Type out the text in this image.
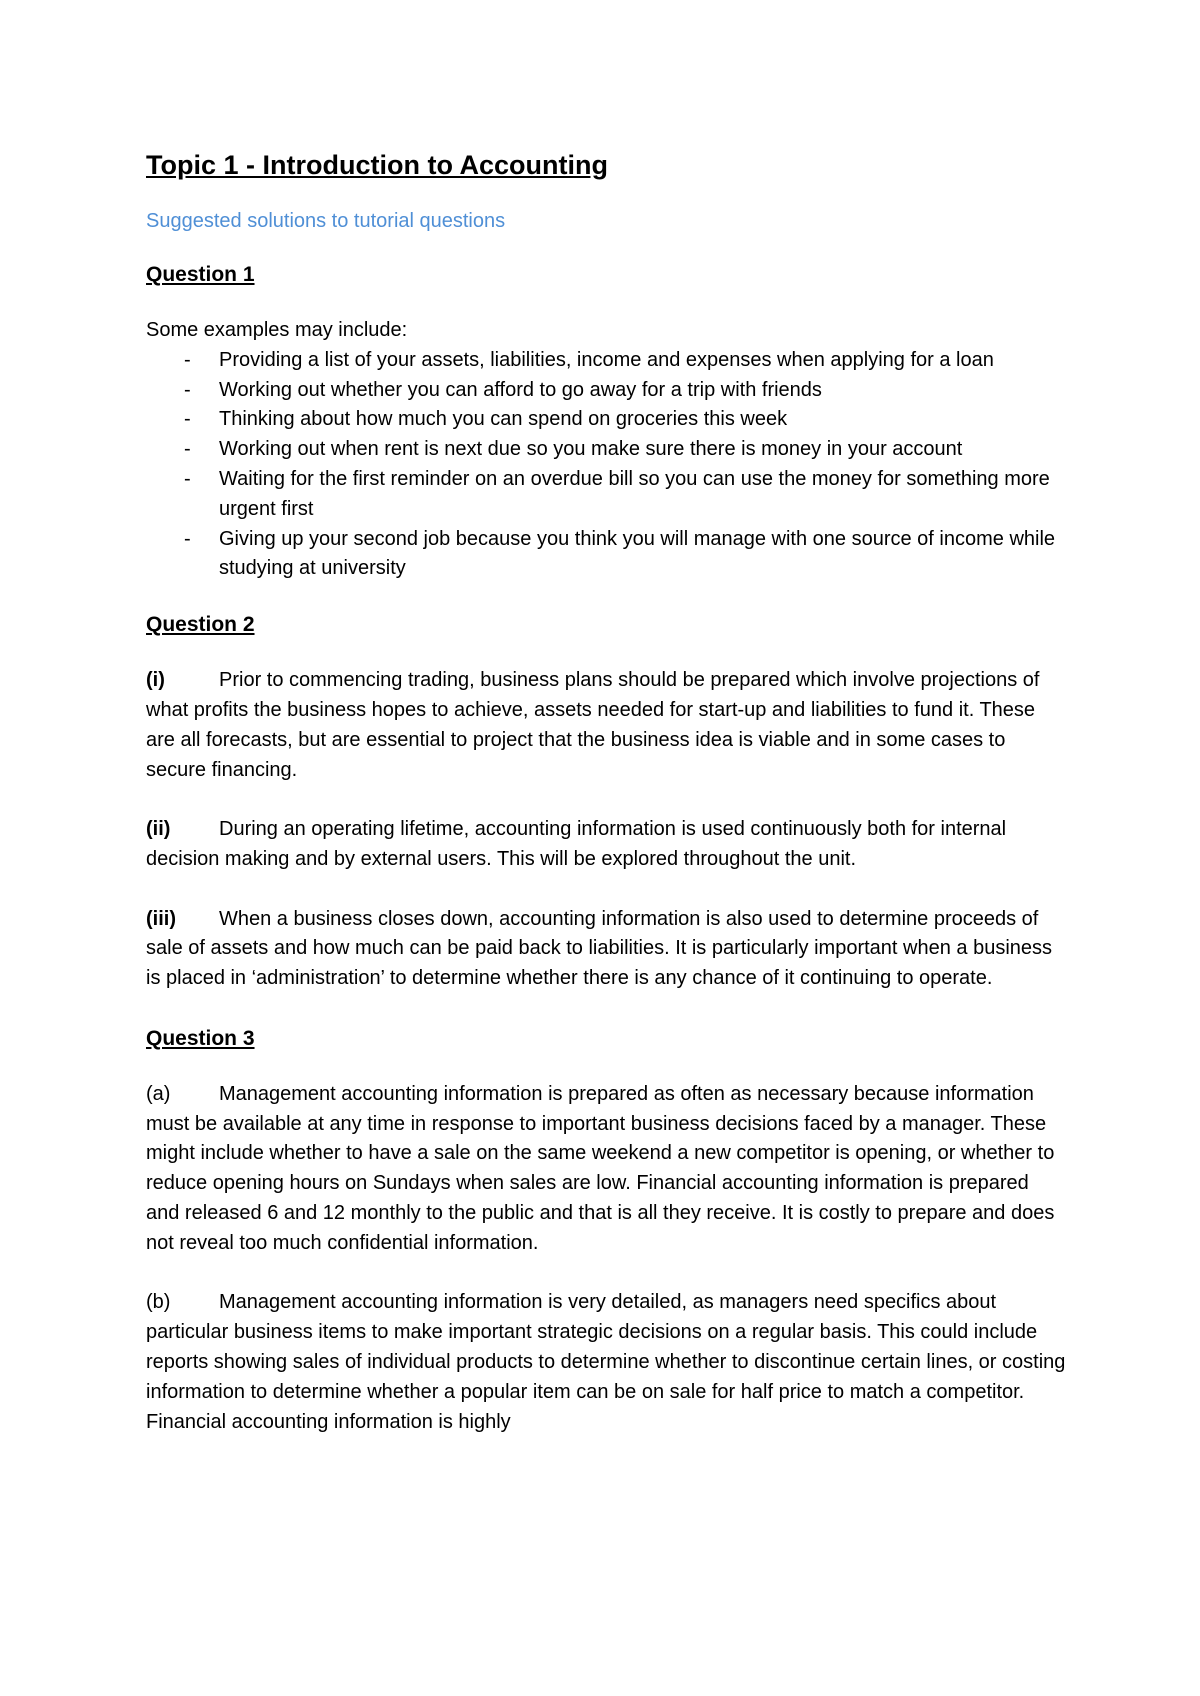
Topic 1 - Introduction to Accounting

Suggested solutions to tutorial questions

Question 1

Some examples may include:

- Providing a list of your assets, liabilities, income and expenses when applying for a loan
- Working out whether you can afford to go away for a trip with friends
- Thinking about how much you can spend on groceries this week
- Working out when rent is next due so you make sure there is money in your account
- Waiting for the first reminder on an overdue bill so you can use the money for something more urgent first
- Giving up your second job because you think you will manage with one source of income while studying at university
Question 2

(i)	Prior to commencing trading, business plans should be prepared which involve projections of what profits the business hopes to achieve, assets needed for start-up and liabilities to fund it. These are all forecasts, but are essential to project that the business idea is viable and in some cases to secure financing.

(ii) During an operating lifetime, accounting information is used continuously both for internal decision making and by external users. This will be explored throughout the unit.

(iii) When a business closes down, accounting information is also used to determine proceeds of sale of assets and how much can be paid back to liabilities. It is particularly important when a business is placed in ‘administration’ to determine whether there is any chance of it continuing to operate.

Question 3

(a) Management accounting information is prepared as often as necessary because information must be available at any time in response to important business decisions faced by a manager. These might include whether to have a sale on the same weekend a new competitor is opening, or whether to reduce opening hours on Sundays when sales are low. Financial accounting information is prepared and released 6 and 12 monthly to the public and that is all they receive. It is costly to prepare and does not reveal too much confidential information.

(b) Management accounting information is very detailed, as managers need specifics about particular business items to make important strategic decisions on a regular basis. This could include reports showing sales of individual products to determine whether to discontinue certain lines, or costing information to determine whether a popular item can be on sale for half price to match a competitor. Financial accounting information is highly
